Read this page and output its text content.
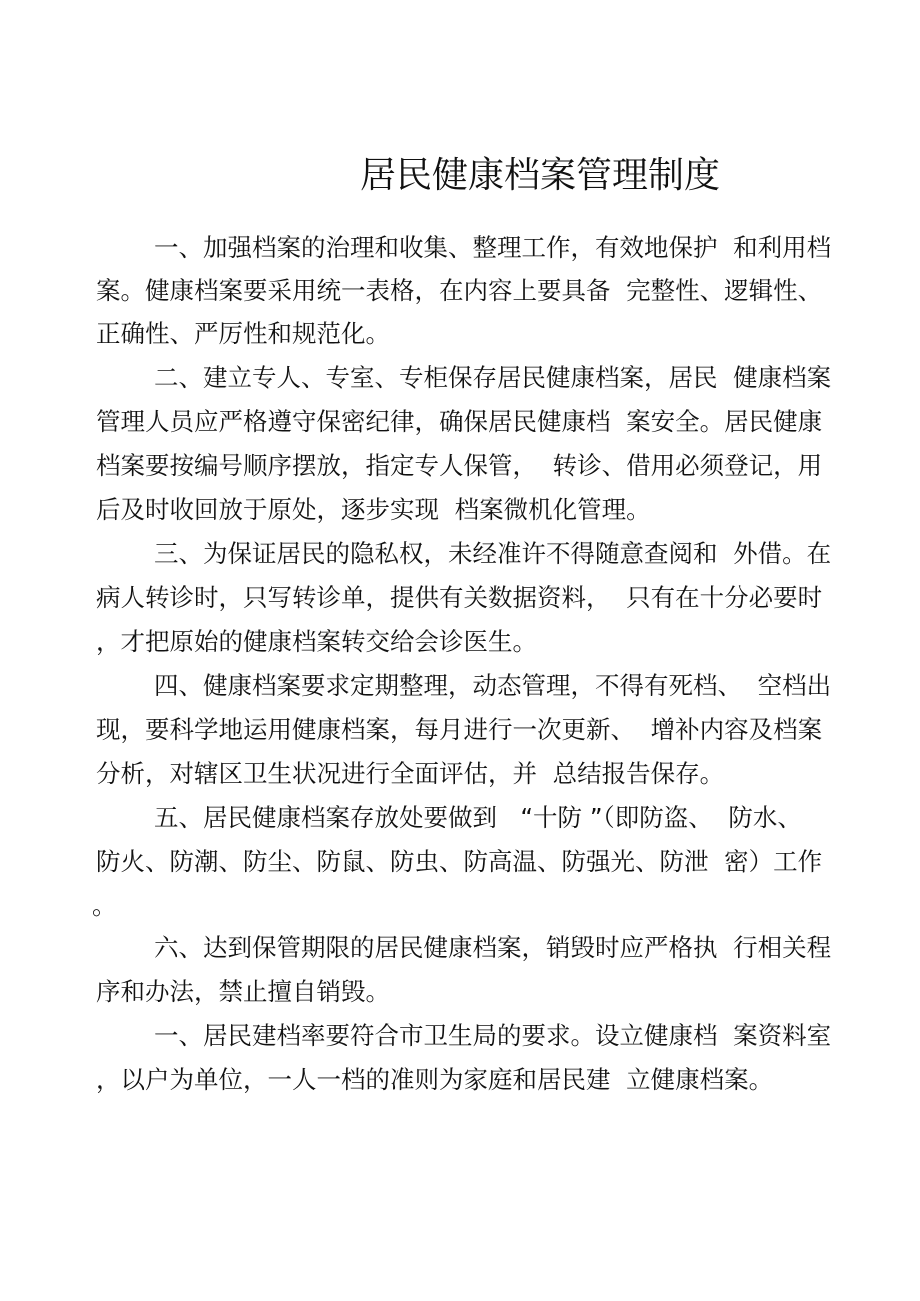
居民健康档案管理制度
一、加强档案的治理和收集、整理工作，有效地保护  和利用档
案。健康档案要采用统一表格，在内容上要具备  完整性、逻辑性、
正确性、严厉性和规范化。
二、建立专人、专室、专柜保存居民健康档案，居民  健康档案
管理人员应严格遵守保密纪律，确保居民健康档  案安全。居民健康
档案要按编号顺序摆放，指定专人保管，  转诊、借用必须登记，用
后及时收回放于原处，逐步实现  档案微机化管理。
三、为保证居民的隐私权，未经准许不得随意查阅和  外借。在
病人转诊时，只写转诊单，提供有关数据资料，  只有在十分必要时
，才把原始的健康档案转交给会诊医生。
四、健康档案要求定期整理，动态管理，不得有死档、  空档出
现，要科学地运用健康档案，每月进行一次更新、  增补内容及档案
分析，对辖区卫生状况进行全面评估，并  总结报告保存。
五、居民健康档案存放处要做到   “十防 ”（即防盗、  防水、
防火、防潮、防尘、防鼠、防虫、防高温、防强光、防泄  密）工作
。
六、达到保管期限的居民健康档案，销毁时应严格执  行相关程
序和办法，禁止擅自销毁。
一、居民建档率要符合市卫生局的要求。设立健康档  案资料室
，以户为单位，一人一档的准则为家庭和居民建  立健康档案。
